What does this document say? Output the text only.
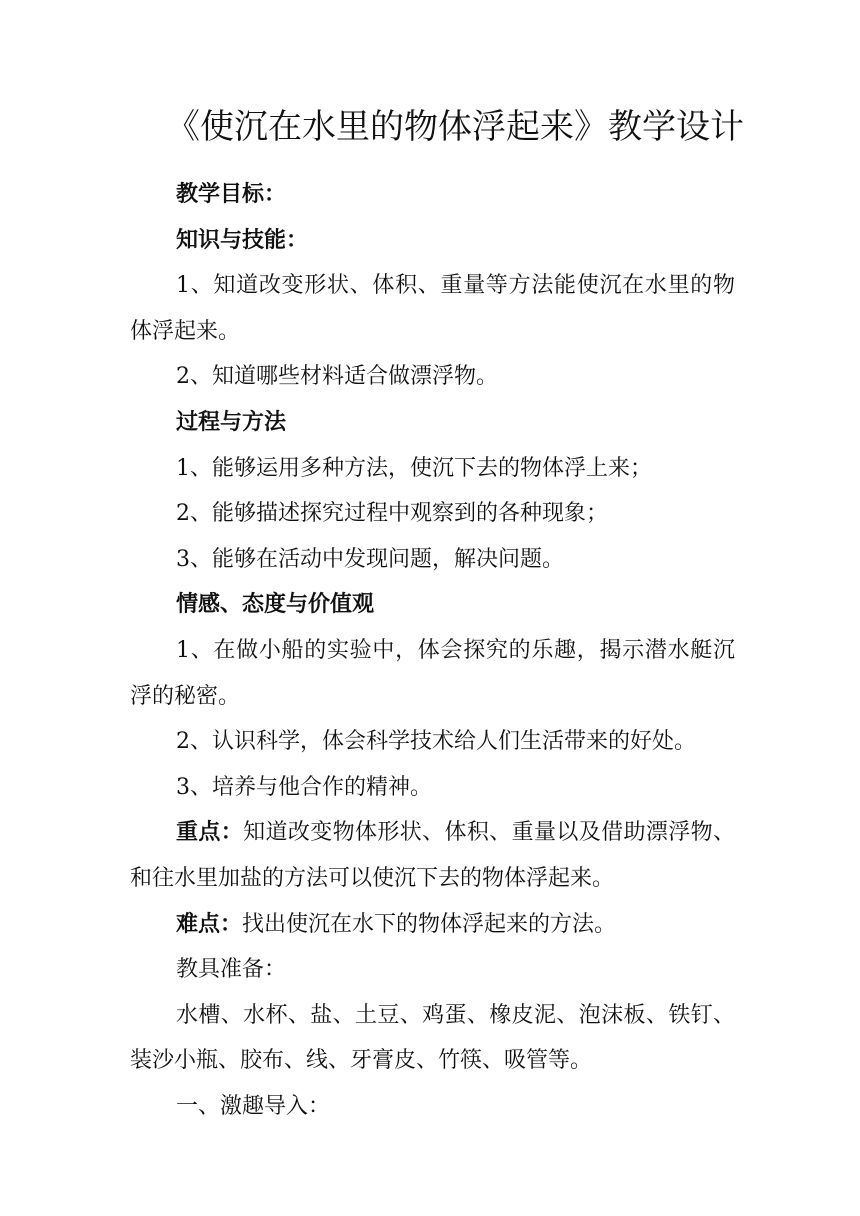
《使沉在水里的物体浮起来》教学设计

教学目标：

知识与技能：

1、知道改变形状、体积、重量等方法能使沉在水里的物体浮起来。

2、知道哪些材料适合做漂浮物。

过程与方法

1、能够运用多种方法，使沉下去的物体浮上来；

2、能够描述探究过程中观察到的各种现象；

3、能够在活动中发现问题，解决问题。

情感、态度与价值观

1、在做小船的实验中，体会探究的乐趣，揭示潜水艇沉浮的秘密。

2、认识科学，体会科学技术给人们生活带来的好处。

3、培养与他合作的精神。

重点：知道改变物体形状、体积、重量以及借助漂浮物、和往水里加盐的方法可以使沉下去的物体浮起来。

难点：找出使沉在水下的物体浮起来的方法。

教具准备：

水槽、水杯、盐、土豆、鸡蛋、橡皮泥、泡沫板、铁钉、装沙小瓶、胶布、线、牙膏皮、竹筷、吸管等。

一、激趣导入：
